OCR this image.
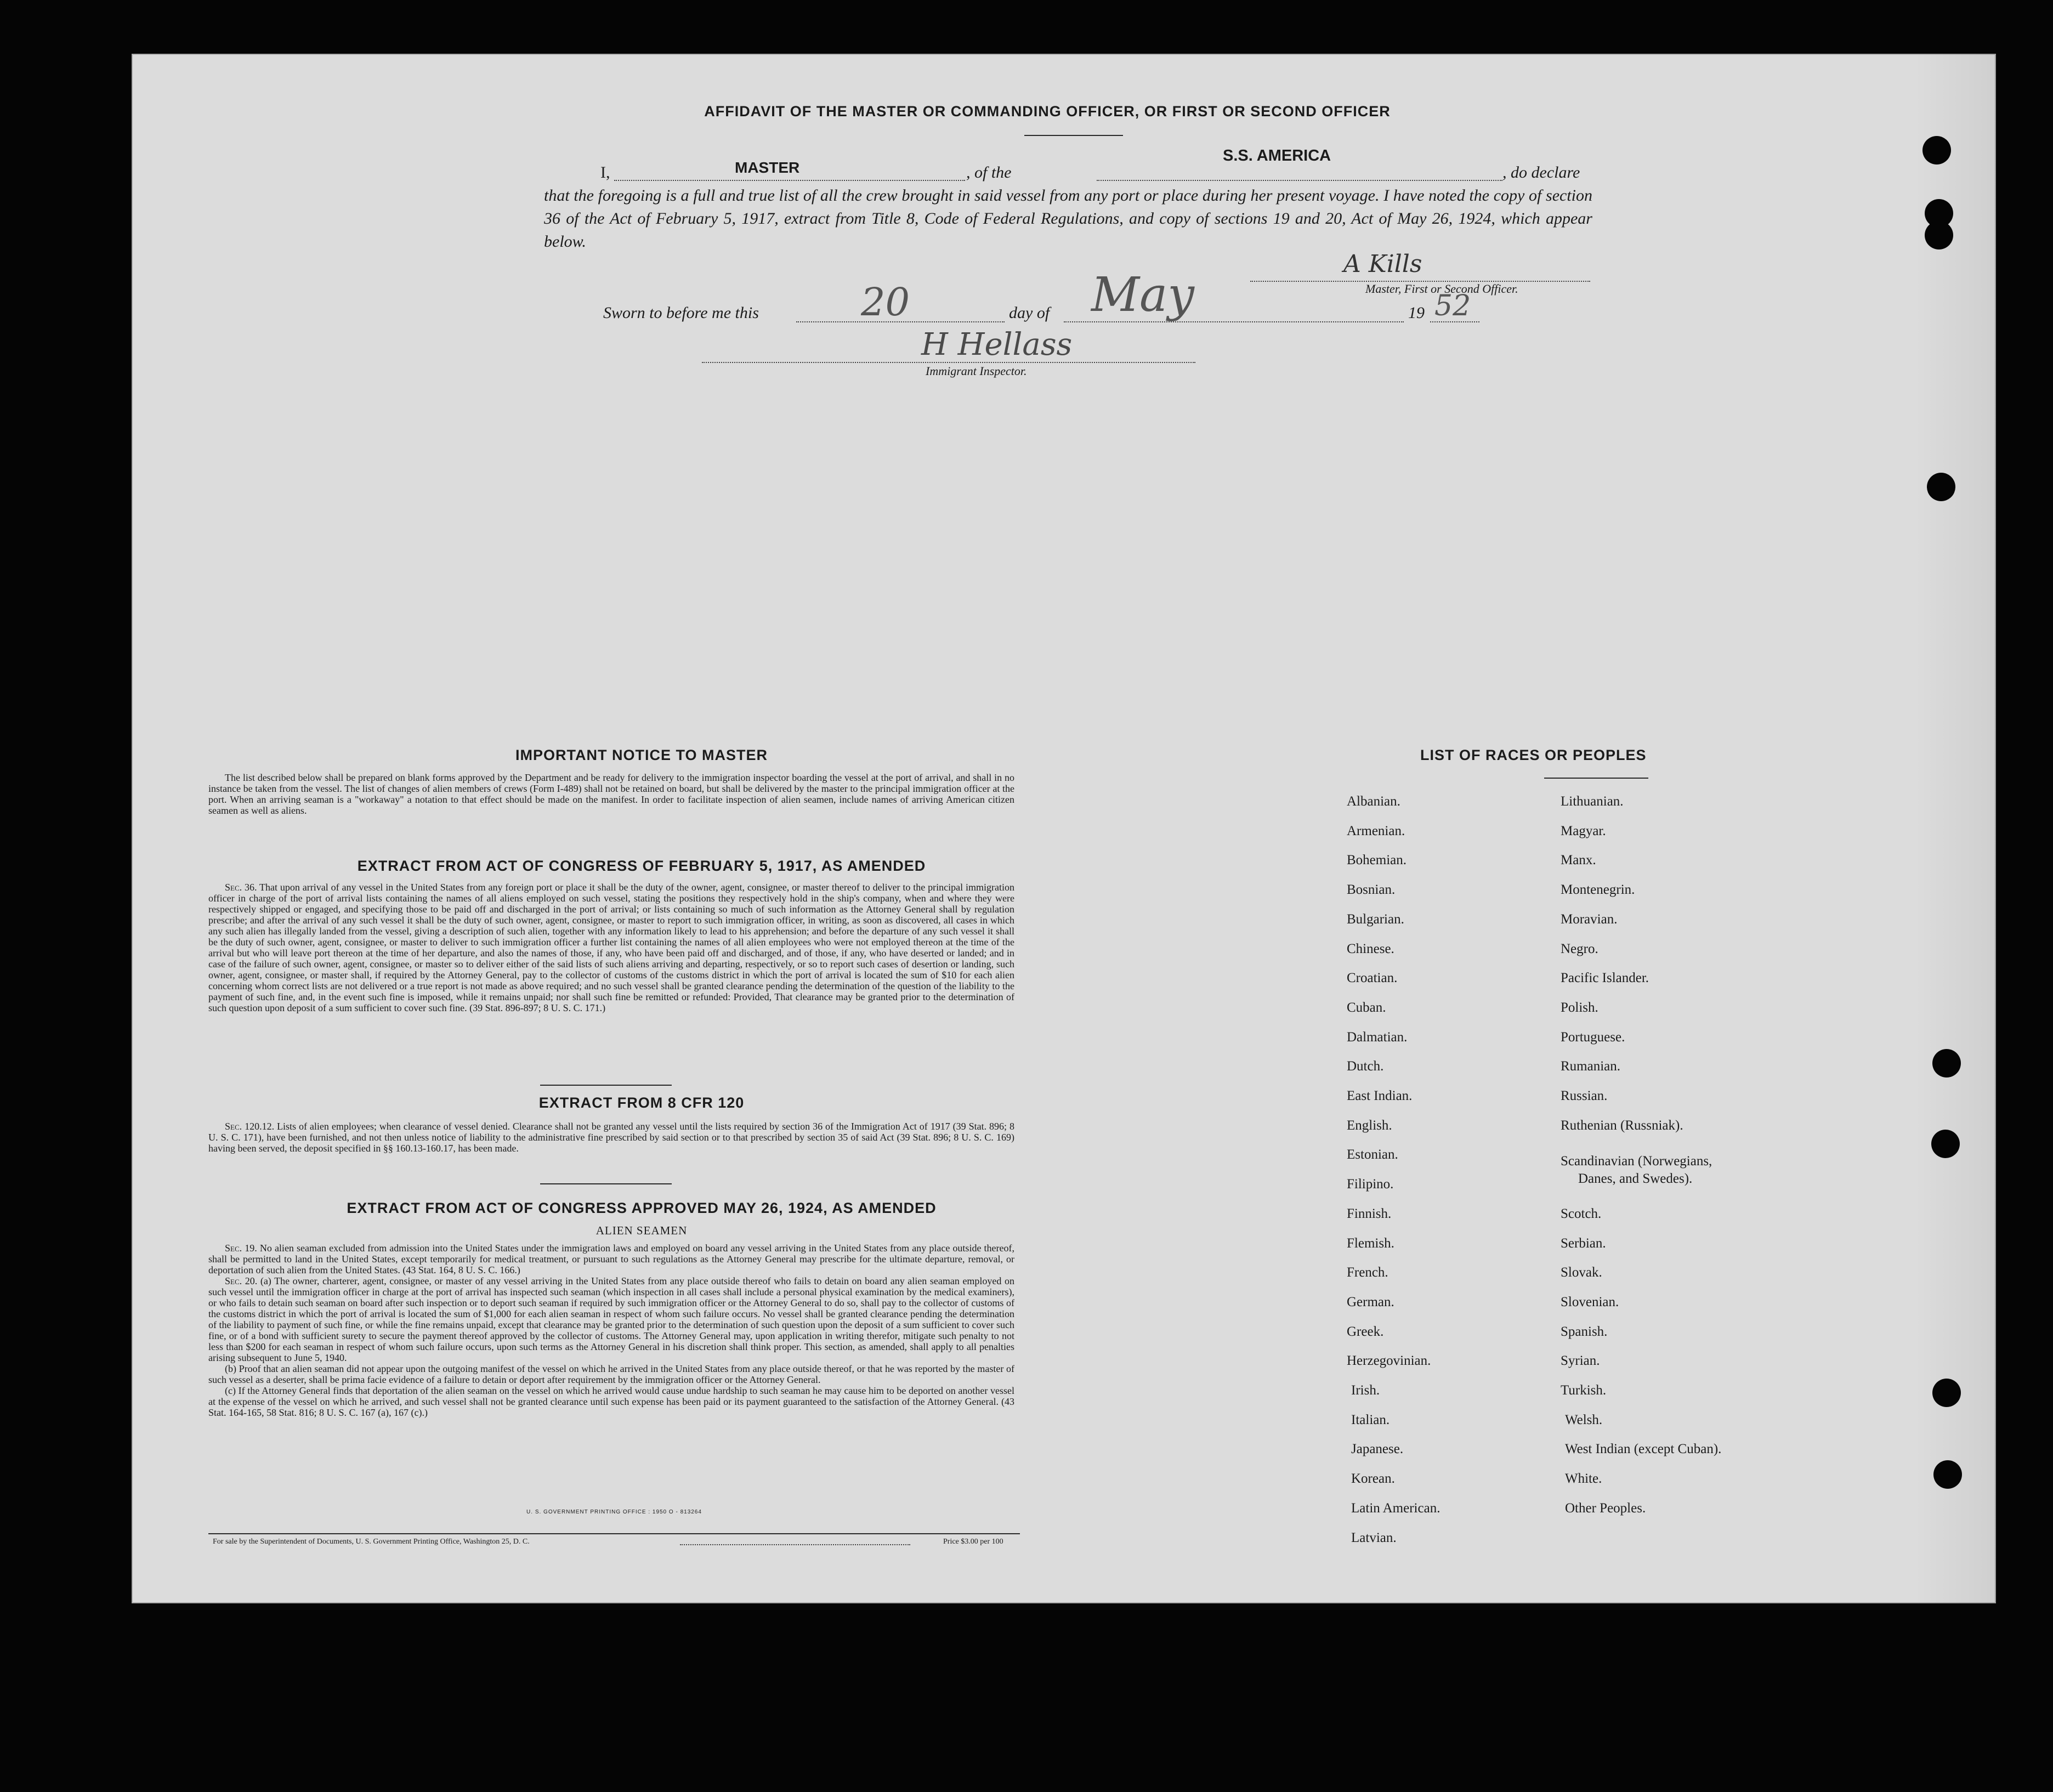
AFFIDAVIT OF THE MASTER OR COMMANDING OFFICER, OR FIRST OR SECOND OFFICER
I,	MASTER	, of the
S.S. AMERICA
, do declare
that the foregoing is a full and true list of all the crew brought in said vessel from any port or place during her present voyage. I have noted the copy of section 36 of the Act of February 5, 1917, extract from Title 8, Code of Federal Regulations, and copy of sections 19 and 20, Act of May 26, 1924, which appear below.
A Kills
Master, First or Second Officer.
Sworn to before me this	20	day of May	19 52
H Hellass
Immigrant Inspector.
IMPORTANT NOTICE TO MASTER

The list described below shall be prepared on blank forms approved by the Department and be ready for delivery to the immigration inspector boarding the vessel at the port of arrival, and shall in no instance be taken from the vessel. The list of changes of alien members of crews (Form I-489) shall not be retained on board, but shall be delivered by the master to the principal immigration officer at the port. When an arriving seaman is a "workaway" a notation to that effect should be made on the manifest. In order to facilitate inspection of alien seamen, include names of arriving American citizen seamen as well as aliens.

EXTRACT FROM ACT OF CONGRESS OF FEBRUARY 5, 1917, AS AMENDED

Sec. 36. That upon arrival of any vessel in the United States from any foreign port or place it shall be the duty of the owner, agent, consignee, or master thereof to deliver to the principal immigration officer in charge of the port of arrival lists containing the names of all aliens employed on such vessel, stating the positions they respectively hold in the ship's company, when and where they were respectively shipped or engaged, and specifying those to be paid off and discharged in the port of arrival; or lists containing so much of such information as the Attorney General shall by regulation prescribe; and after the arrival of any such vessel it shall be the duty of such owner, agent, consignee, or master to report to such immigration officer, in writing, as soon as discovered, all cases in which any such alien has illegally landed from the vessel, giving a description of such alien, together with any information likely to lead to his apprehension; and before the departure of any such vessel it shall be the duty of such owner, agent, consignee, or master to deliver to such immigration officer a further list containing the names of all alien employees who were not employed thereon at the time of the arrival but who will leave port thereon at the time of her departure, and also the names of those, if any, who have been paid off and discharged, and of those, if any, who have deserted or landed; and in case of the failure of such owner, agent, consignee, or master so to deliver either of the said lists of such aliens arriving and departing, respectively, or so to report such cases of desertion or landing, such owner, agent, consignee, or master shall, if required by the Attorney General, pay to the collector of customs of the customs district in which the port of arrival is located the sum of $10 for each alien concerning whom correct lists are not delivered or a true report is not made as above required; and no such vessel shall be granted clearance pending the determination of the question of the liability to the payment of such fine, and, in the event such fine is imposed, while it remains unpaid; nor shall such fine be remitted or refunded: Provided, That clearance may be granted prior to the determination of such question upon deposit of a sum sufficient to cover such fine. (39 Stat. 896-897; 8 U. S. C. 171.)

EXTRACT FROM 8 CFR 120

Sec. 120.12. Lists of alien employees; when clearance of vessel denied. Clearance shall not be granted any vessel until the lists required by section 36 of the Immigration Act of 1917 (39 Stat. 896; 8 U. S. C. 171), have been furnished, and not then unless notice of liability to the administrative fine prescribed by said section or to that prescribed by section 35 of said Act (39 Stat. 896; 8 U. S. C. 169) having been served, the deposit specified in §§ 160.13-160.17, has been made.

EXTRACT FROM ACT OF CONGRESS APPROVED MAY 26, 1924, AS AMENDED
ALIEN SEAMEN

Sec. 19. No alien seaman excluded from admission into the United States under the immigration laws and employed on board any vessel arriving in the United States from any place outside thereof, shall be permitted to land in the United States, except temporarily for medical treatment, or pursuant to such regulations as the Attorney General may prescribe for the ultimate departure, removal, or deportation of such alien from the United States. (43 Stat. 164, 8 U. S. C. 166.)

Sec. 20. (a) The owner, charterer, agent, consignee, or master of any vessel arriving in the United States from any place outside thereof who fails to detain on board any alien seaman employed on such vessel until the immigration officer in charge at the port of arrival has inspected such seaman (which inspection in all cases shall include a personal physical examination by the medical examiners), or who fails to detain such seaman on board after such inspection or to deport such seaman if required by such immigration officer or the Attorney General to do so, shall pay to the collector of customs of the customs district in which the port of arrival is located the sum of $1,000 for each alien seaman in respect of whom such failure occurs. No vessel shall be granted clearance pending the determination of the liability to payment of such fine, or while the fine remains unpaid, except that clearance may be granted prior to the determination of such question upon the deposit of a sum sufficient to cover such fine, or of a bond with sufficient surety to secure the payment thereof approved by the collector of customs. The Attorney General may, upon application in writing therefor, mitigate such penalty to not less than $200 for each seaman in respect of whom such failure occurs, upon such terms as the Attorney General in his discretion shall think proper. This section, as amended, shall apply to all penalties arising subsequent to June 5, 1940.

(b) Proof that an alien seaman did not appear upon the outgoing manifest of the vessel on which he arrived in the United States from any place outside thereof, or that he was reported by the master of such vessel as a deserter, shall be prima facie evidence of a failure to detain or deport after requirement by the immigration officer or the Attorney General.

(c) If the Attorney General finds that deportation of the alien seaman on the vessel on which he arrived would cause undue hardship to such seaman he may cause him to be deported on another vessel at the expense of the vessel on which he arrived, and such vessel shall not be granted clearance until such expense has been paid or its payment guaranteed to the satisfaction of the Attorney General. (43 Stat. 164-165, 58 Stat. 816; 8 U. S. C. 167 (a), 167 (c).)

U. S. GOVERNMENT PRINTING OFFICE : 1950 O - 813264
For sale by the Superintendent of Documents, U. S. Government Printing Office, Washington 25, D. C.	Price $3.00 per 100
LIST OF RACES OR PEOPLES
Albanian.
Armenian.
Bohemian.
Bosnian.
Bulgarian.
Chinese.
Croatian.
Cuban.
Dalmatian.
Dutch.
East Indian.
English.
Estonian.
Filipino.
Finnish.
Flemish.
French.
German.
Greek.
Herzegovinian.
Irish.
Italian.
Japanese.
Korean.
Latin American.
Latvian.
Lithuanian.
Magyar.
Manx.
Montenegrin.
Moravian.
Negro.
Pacific Islander.
Polish.
Portuguese.
Rumanian.
Russian.
Ruthenian (Russniak).
Scandinavian (Norwegians,
Danes, and Swedes).
Scotch.
Serbian.
Slovak.
Slovenian.
Spanish.
Syrian.
Turkish.
Welsh.
West Indian (except Cuban).
White.
Other Peoples.
